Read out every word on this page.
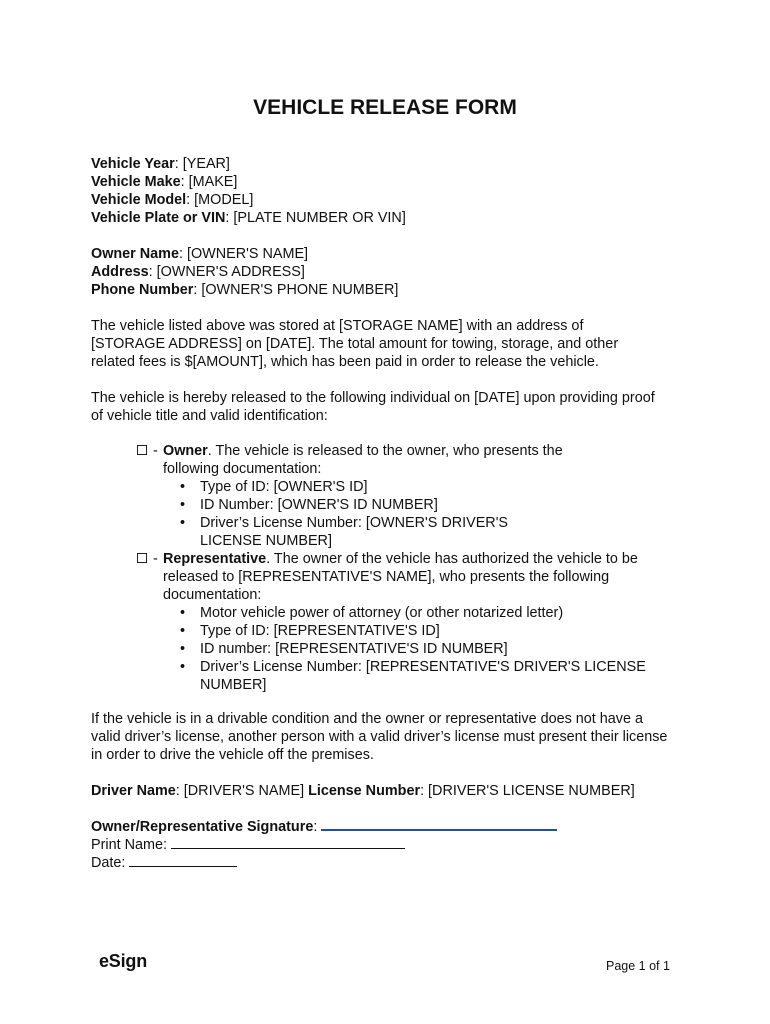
VEHICLE RELEASE FORM
Vehicle Year: [YEAR]
Vehicle Make: [MAKE]
Vehicle Model: [MODEL]
Vehicle Plate or VIN: [PLATE NUMBER OR VIN]
Owner Name: [OWNER'S NAME]
Address: [OWNER'S ADDRESS]
Phone Number: [OWNER'S PHONE NUMBER]
The vehicle listed above was stored at [STORAGE NAME] with an address of [STORAGE ADDRESS] on [DATE]. The total amount for towing, storage, and other related fees is $[AMOUNT], which has been paid in order to release the vehicle.
The vehicle is hereby released to the following individual on [DATE] upon providing proof of vehicle title and valid identification:
- Owner. The vehicle is released to the owner, who presents the following documentation:
• Type of ID: [OWNER'S ID]
• ID Number: [OWNER'S ID NUMBER]
• Driver’s License Number: [OWNER'S DRIVER'S LICENSE NUMBER]
- Representative. The owner of the vehicle has authorized the vehicle to be released to [REPRESENTATIVE'S NAME], who presents the following documentation:
• Motor vehicle power of attorney (or other notarized letter)
• Type of ID: [REPRESENTATIVE'S ID]
• ID number: [REPRESENTATIVE'S ID NUMBER]
• Driver’s License Number: [REPRESENTATIVE'S DRIVER'S LICENSE NUMBER]
If the vehicle is in a drivable condition and the owner or representative does not have a valid driver’s license, another person with a valid driver’s license must present their license in order to drive the vehicle off the premises.
Driver Name: [DRIVER'S NAME] License Number: [DRIVER'S LICENSE NUMBER]
Owner/Representative Signature:
Print Name:
Date:
eSign	Page 1 of 1
